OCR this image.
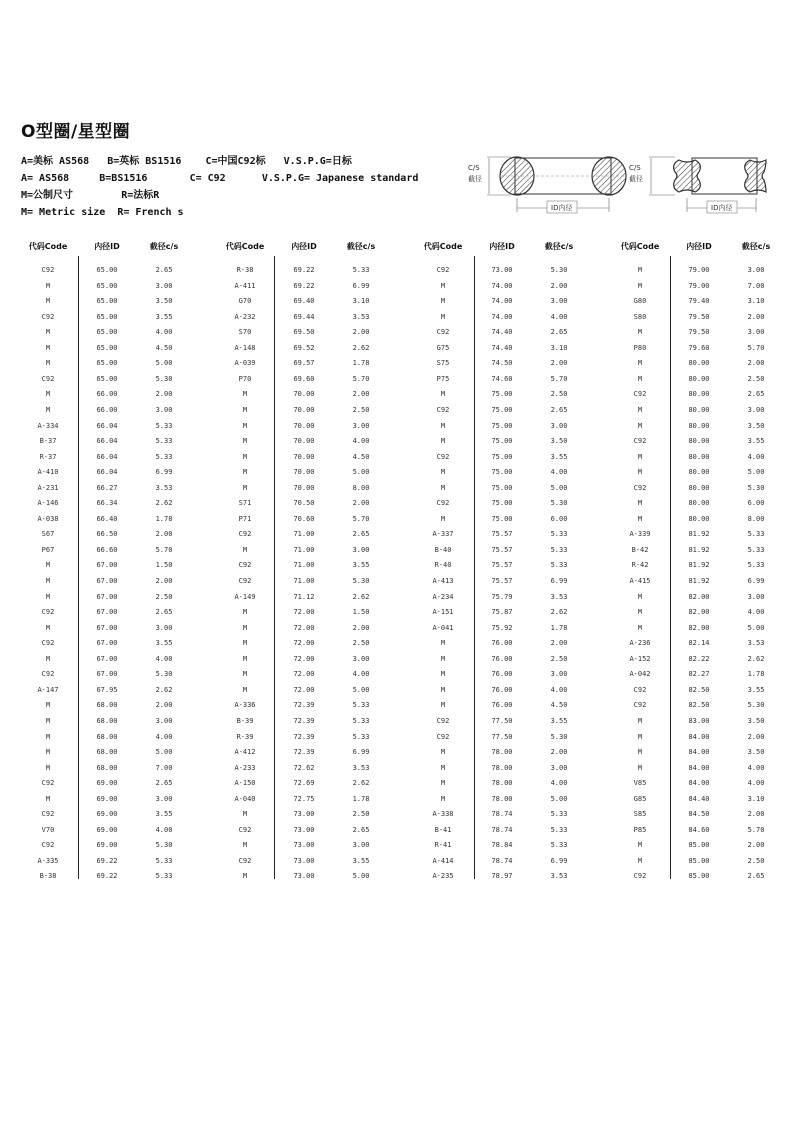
O型圈/星型圈
A=美标 AS568   B=英标 BS1516    C=中国C92标   V.S.P.G=日标
A= AS568     B=BS1516       C= C92      V.S.P.G= Japanese standard
M=公制尺寸        R=法标R
M= Metric size  R= French s
C/S
截径
ID内径
C/S
截径
ID内径
代码Code	内径ID	截径c/s	代码Code	内径ID	截径c/s	代码Code	内径ID	截径c/s	代码Code	内径ID	截径c/s
C92	65.00	2.65	R-38	69.22	5.33	C92	73.00	5.30	M	79.00	3.00
M	65.00	3.00	A-411	69.22	6.99	M	74.00	2.00	M	79.00	7.00
M	65.00	3.50	G70	69.40	3.10	M	74.00	3.00	G80	79.40	3.10
C92	65.00	3.55	A-232	69.44	3.53	M	74.00	4.00	S80	79.50	2.00
M	65.00	4.00	S70	69.50	2.00	C92	74.40	2.65	M	79.50	3.00
M	65.00	4.50	A-148	69.52	2.62	G75	74.40	3.10	P80	79.60	5.70
M	65.00	5.00	A-039	69.57	1.78	S75	74.50	2.00	M	80.00	2.00
C92	65.00	5.30	P70	69.60	5.70	P75	74.60	5.70	M	80.00	2.50
M	66.00	2.00	M	70.00	2.00	M	75.00	2.50	C92	80.00	2.65
M	66.00	3.00	M	70.00	2.50	C92	75.00	2.65	M	80.00	3.00
A-334	66.04	5.33	M	70.00	3.00	M	75.00	3.00	M	80.00	3.50
B-37	66.04	5.33	M	70.00	4.00	M	75.00	3.50	C92	80.00	3.55
R-37	66.04	5.33	M	70.00	4.50	C92	75.00	3.55	M	80.00	4.00
A-410	66.04	6.99	M	70.00	5.00	M	75.00	4.00	M	80.00	5.00
A-231	66.27	3.53	M	70.00	8.00	M	75.00	5.00	C92	80.00	5.30
A-146	66.34	2.62	S71	70.50	2.00	C92	75.00	5.30	M	80.00	6.00
A-038	66.40	1.78	P71	70.60	5.70	M	75.00	6.00	M	80.00	8.00
S67	66.50	2.00	C92	71.00	2.65	A-337	75.57	5.33	A-339	81.92	5.33
P67	66.60	5.70	M	71.00	3.00	B-40	75.57	5.33	B-42	81.92	5.33
M	67.00	1.50	C92	71.00	3.55	R-40	75.57	5.33	R-42	81.92	5.33
M	67.00	2.00	C92	71.00	5.30	A-413	75.57	6.99	A-415	81.92	6.99
M	67.00	2.50	A-149	71.12	2.62	A-234	75.79	3.53	M	82.00	3.00
C92	67.00	2.65	M	72.00	1.50	A-151	75.87	2.62	M	82.00	4.00
M	67.00	3.00	M	72.00	2.00	A-041	75.92	1.78	M	82.00	5.00
C92	67.00	3.55	M	72.00	2.50	M	76.00	2.00	A-236	82.14	3.53
M	67.00	4.00	M	72.00	3.00	M	76.00	2.50	A-152	82.22	2.62
C92	67.00	5.30	M	72.00	4.00	M	76.00	3.00	A-042	82.27	1.78
A-147	67.95	2.62	M	72.00	5.00	M	76.00	4.00	C92	82.50	3.55
M	68.00	2.00	A-336	72.39	5.33	M	76.00	4.50	C92	82.50	5.30
M	68.00	3.00	B-39	72.39	5.33	C92	77.50	3.55	M	83.00	3.50
M	68.00	4.00	R-39	72.39	5.33	C92	77.50	5.30	M	84.00	2.00
M	68.00	5.00	A-412	72.39	6.99	M	78.00	2.00	M	84.00	3.50
M	68.00	7.00	A-233	72.62	3.53	M	78.00	3.00	M	84.00	4.00
C92	69.00	2.65	A-150	72.69	2.62	M	78.00	4.00	V85	84.00	4.00
M	69.00	3.00	A-040	72.75	1.78	M	78.00	5.00	G85	84.40	3.10
C92	69.00	3.55	M	73.00	2.50	A-338	78.74	5.33	S85	84.50	2.00
V70	69.00	4.00	C92	73.00	2.65	B-41	78.74	5.33	P85	84.60	5.70
C92	69.00	5.30	M	73.00	3.00	R-41	78.84	5.33	M	85.00	2.00
A-335	69.22	5.33	C92	73.00	3.55	A-414	78.74	6.99	M	85.00	2.50
B-38	69.22	5.33	M	73.00	5.00	A-235	78.97	3.53	C92	85.00	2.65
